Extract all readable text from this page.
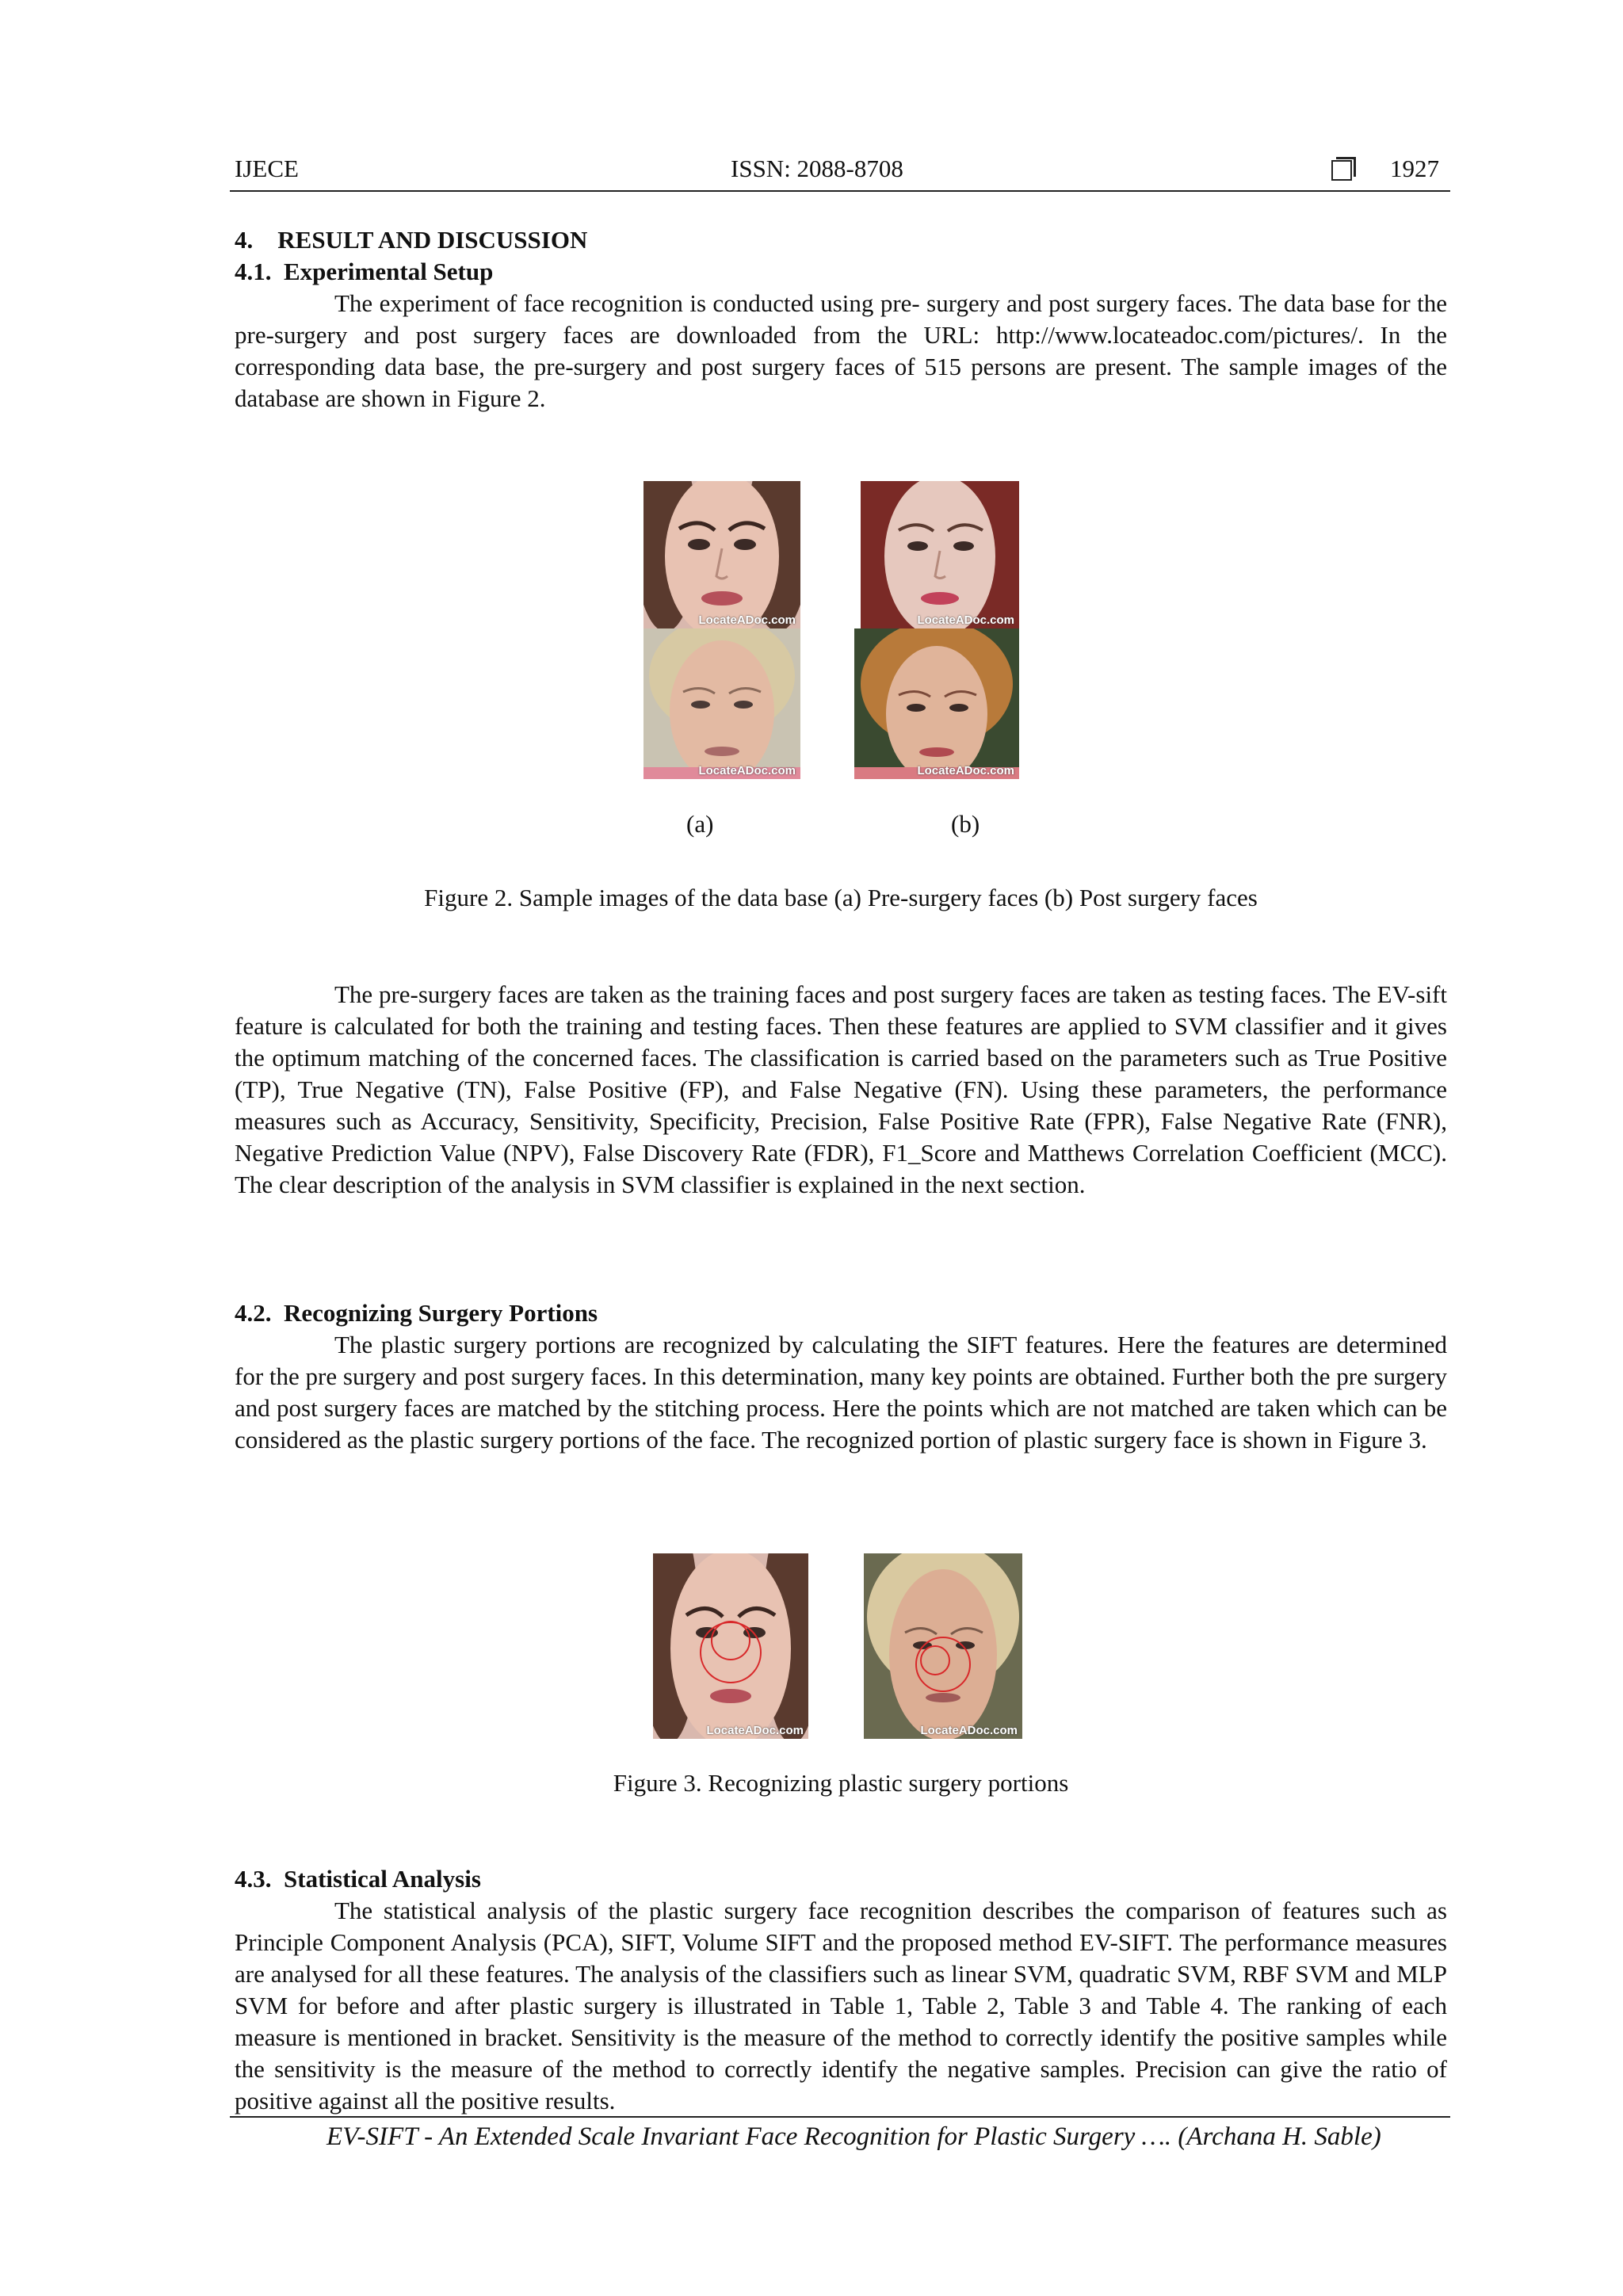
IJECE	ISSN: 2088-8708	1927
4.    RESULT AND DISCUSSION
4.1.  Experimental Setup

The experiment of face recognition is conducted using pre- surgery and post surgery faces. The data base for the pre-surgery and post surgery faces are downloaded from the URL: http://www.locateadoc.com/pictures/. In the corresponding data base, the pre-surgery and post surgery faces of 515 persons are present. The sample images of the database are shown in Figure 2.

LocateADoc.com	LocateADoc.com
LocateADoc.com	LocateADoc.com
(a)	(b)
Figure 2. Sample images of the data base (a) Pre-surgery faces (b) Post surgery faces

The pre-surgery faces are taken as the training faces and post surgery faces are taken as testing faces. The EV-sift feature is calculated for both the training and testing faces. Then these features are applied to SVM classifier and it gives the optimum matching of the concerned faces. The classification is carried based on the parameters such as True Positive (TP), True Negative (TN), False Positive (FP), and False Negative (FN). Using these parameters, the performance measures such as Accuracy, Sensitivity, Specificity, Precision, False Positive Rate (FPR), False Negative Rate (FNR), Negative Prediction Value (NPV), False Discovery Rate (FDR), F1_Score and Matthews Correlation Coefficient (MCC). The clear description of the analysis in SVM classifier is explained in the next section.

4.2.  Recognizing Surgery Portions

The plastic surgery portions are recognized by calculating the SIFT features. Here the features are determined for the pre surgery and post surgery faces. In this determination, many key points are obtained. Further both the pre surgery and post surgery faces are matched by the stitching process. Here the points which are not matched are taken which can be considered as the plastic surgery portions of the face. The recognized portion of plastic surgery face is shown in Figure 3.

LocateADoc.com	LocateADoc.com
Figure 3. Recognizing plastic surgery portions
4.3.  Statistical Analysis

The statistical analysis of the plastic surgery face recognition describes the comparison of features such as Principle Component Analysis (PCA), SIFT, Volume SIFT and the proposed method EV-SIFT. The performance measures are analysed for all these features. The analysis of the classifiers such as linear SVM, quadratic SVM, RBF SVM and MLP SVM for before and after plastic surgery is illustrated in Table 1, Table 2, Table 3 and Table 4. The ranking of each measure is mentioned in bracket. Sensitivity is the measure of the method to correctly identify the positive samples while the sensitivity is the measure of the method to correctly identify the negative samples. Precision can give the ratio of positive against all the positive results.

EV-SIFT - An Extended Scale Invariant Face Recognition for Plastic Surgery …. (Archana H. Sable)
